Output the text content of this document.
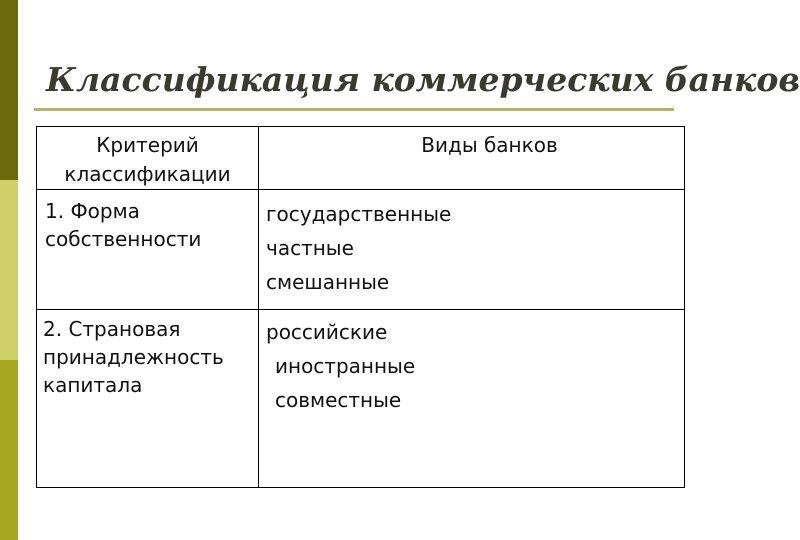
Классификация коммерческих банков
Критерий
классификации
Виды банков
1. Форма
собственности
государственные
частные
смешанные
2. Страновая
принадлежность
капитала
российские
иностранные
совместные
